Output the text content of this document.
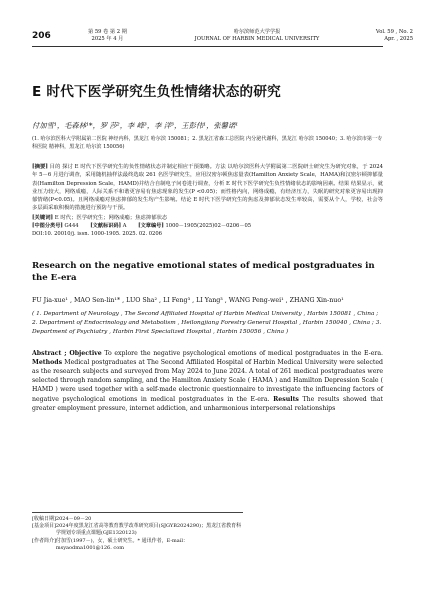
206	第 59 卷 第 2 期
2025 年 4 月
哈尔滨师范大学学报
JOURNAL OF HARBIN MEDICAL UNIVERSITY
Vol. 59 , No. 2
Apr. , 2025
E 时代下医学研究生负性情绪状态的研究
付加雪¹，毛森林¹*，罗 莎²，李 峰³，李 洋³，王彭伟¹，张馨诺¹
(1. 哈尔滨医科大学附属第二医院 神经内科，黑龙江 哈尔滨 150081；2. 黑龙江省森工总医院 内分泌代谢科，黑龙江 哈尔滨 150040；3. 哈尔滨市第一专科医院 精神科，黑龙江 哈尔滨 150056)
[摘要] 目的 探讨 E 时代下医学研究生的负性情绪状态并制定相应干预策略。方法 以哈尔滨医科大学附属第二医院研士研究生为研究对象，于 2024 年 5－6 月进行调查，采用随机抽样法最终选取 261 名医学研究生，应用汉密尔顿焦虑量表(Hamilton Anxiety Scale，HAMA)和汉密尔顿抑郁量表(Hamilton Depression Scale，HAMD)并结合自制电子问卷进行调查，分析 E 时代下医学研究生负性情绪状态的影响因素。结果 结果显示，就业压力较大，网络成瘾，人际关系不和谐更容易有焦虑现象的发生(P <0.05)；而性格内向，网络成瘾，有经济压力，失眠的研究对象更容易出现抑郁情绪(P<0.05)。且网络成瘾对焦虑抑郁的发生均产生影响。结论 E 时代下医学研究生的焦虑及抑郁状态发生率较高，需要从个人，学校，社会等多层面采取积极的措施进行预防与干预。
[关键词] E 时代；医学研究生；网络成瘾；焦虑抑郁状态
[中图分类号] G444 [文献标识码] A [文章编号] 1000－1905(2025)02－0206－05
DOI:10. 20010/j. issn. 1000-1905. 2025. 02. 0206
Research on the negative emotional states of medical postgraduates in the E-era
FU Jia-xue¹ , MAO Sen-lin¹* , LUO Sha² , LI Feng³ , LI Yang³ , WANG Peng-wei¹ , ZHANG Xin-nuo¹
( 1. Department of Neurology , The Second Affiliated Hospital of Harbin Medical University , Harbin 150081 , China ; 2. Department of Endocrinology and Metabolism , Heilongjiang Forestry General Hospital , Harbin 150040 , China ; 3. Department of Psychiatry , Harbin First Specialized Hospital , Harbin 150056 , China )
Abstract ; Objective To explore the negative psychological emotions of medical postgraduates in the E-era. Methods Medical postgraduates at The Second Affiliated Hospital of Harbin Medical University were selected as the research subjects and surveyed from May 2024 to June 2024. A total of 261 medical postgraduates were selected through random sampling, and the Hamilton Anxiety Scale ( HAMA ) and Hamilton Depression Scale ( HAMD ) were used together with a self-made electronic questionnaire to investigate the influencing factors of negative psychological emotions in medical postgraduates in the E-era. Results The results showed that greater employment pressure, internet addiction, and unharmonious interpersonal relationships
[收稿日期] 2024－09－20
[基金项目] 2024年度黑龙江省高等教育教学改革研究项目(SJGYB2024290)；黑龙江省教育科学规划专项重点课题(GJE1320123)
[作者简介] 付加雪(1997－)，女，硕士研究生。* 通讯作者，E-mail：msyaodma1001@126. com
